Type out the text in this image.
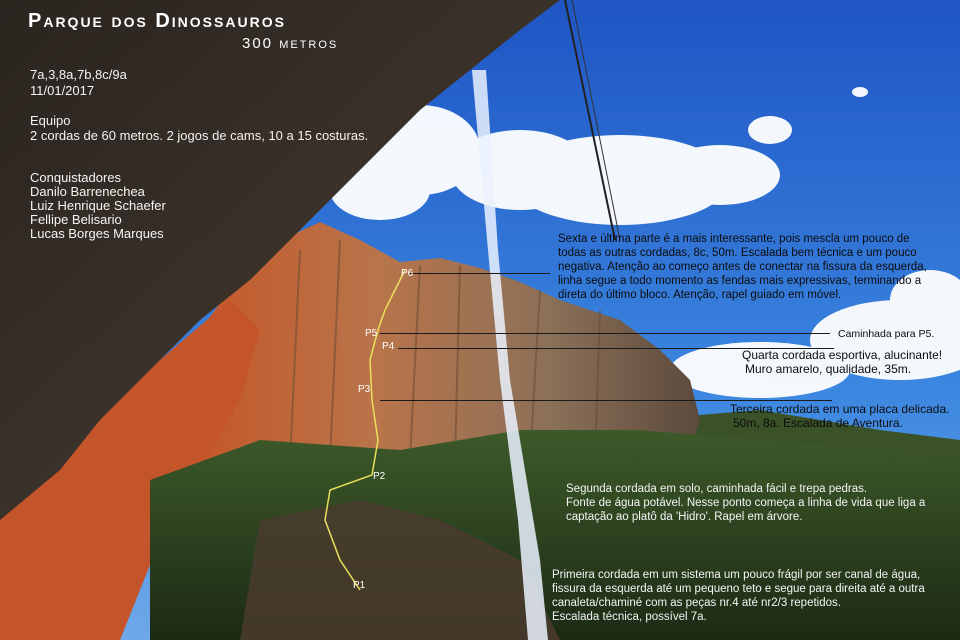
Parque dos Dinossauros
300 metros
7a,3,8a,7b,8c/9a
11/01/2017
Equipo
2 cordas de 60 metros. 2 jogos de cams, 10 a 15 costuras.
Conquistadores
Danilo Barrenechea
Luiz Henrique Schaefer
Fellipe Belisario
Lucas Borges Marques
P6
P5
P4
P3
P2
P1
Sexta e última parte é a mais interessante, pois mescla um pouco de
todas as outras cordadas, 8c, 50m. Escalada bem técnica e um pouco
negativa. Atenção ao começo antes de conectar na fissura da esquerda,
linha segue a todo momento as fendas mais expressivas, terminando a
direta do último bloco. Atenção, rapel guiado em móvel.
Caminhada para P5.
Quarta cordada esportiva, alucinante!
Muro amarelo, qualidade, 35m.
Terceira cordada em uma placa delicada.
50m, 8a. Escalada de Aventura.
Segunda cordada em solo, caminhada fácil e trepa pedras.
Fonte de água potável. Nesse ponto começa a linha de vida que liga a
captação ao platô da 'Hidro'. Rapel em árvore.
Primeira cordada em um sistema um pouco frágil por ser canal de água,
fissura da esquerda até um pequeno teto e segue para direita até a outra
canaleta/chaminé com as peças nr.4 até nr2/3 repetidos.
Escalada técnica, possível 7a.
